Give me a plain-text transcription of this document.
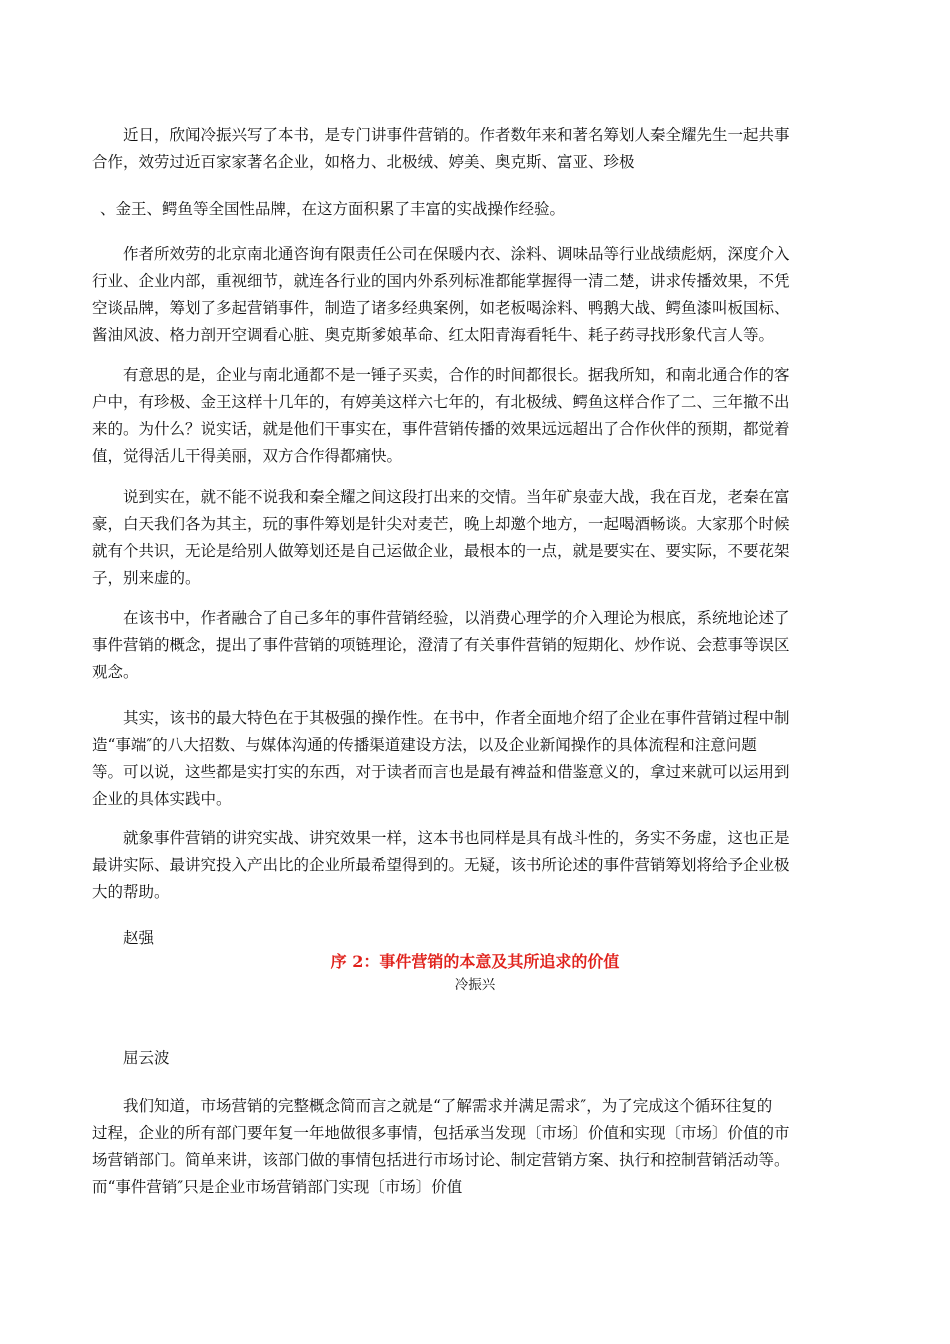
近日，欣闻冷振兴写了本书，是专门讲事件营销的。作者数年来和著名筹划人秦全耀先生一起共事
合作，效劳过近百家家著名企业，如格力、北极绒、婷美、奥克斯、富亚、珍极
、金王、鳄鱼等全国性品牌，在这方面积累了丰富的实战操作经验。
作者所效劳的北京南北通咨询有限责任公司在保暖内衣、涂料、调味品等行业战绩彪炳，深度介入
行业、企业内部，重视细节，就连各行业的国内外系列标准都能掌握得一清二楚，讲求传播效果，不凭
空谈品牌，筹划了多起营销事件，制造了诸多经典案例，如老板喝涂料、鸭鹅大战、鳄鱼漆叫板国标、
酱油风波、格力剖开空调看心脏、奥克斯爹娘革命、红太阳青海看牦牛、耗子药寻找形象代言人等。
有意思的是，企业与南北通都不是一锤子买卖，合作的时间都很长。据我所知，和南北通合作的客
户中，有珍极、金王这样十几年的，有婷美这样六七年的，有北极绒、鳄鱼这样合作了二、三年撤不出
来的。为什么？说实话，就是他们干事实在，事件营销传播的效果远远超出了合作伙伴的预期，都觉着
值，觉得活儿干得美丽，双方合作得都痛快。
说到实在，就不能不说我和秦全耀之间这段打出来的交情。当年矿泉壶大战，我在百龙，老秦在富
豪，白天我们各为其主，玩的事件筹划是针尖对麦芒，晚上却邀个地方，一起喝酒畅谈。大家那个时候
就有个共识，无论是给别人做筹划还是自己运做企业，最根本的一点，就是要实在、要实际，不要花架
子，别来虚的。
在该书中，作者融合了自己多年的事件营销经验，以消费心理学的介入理论为根底，系统地论述了
事件营销的概念，提出了事件营销的项链理论，澄清了有关事件营销的短期化、炒作说、会惹事等误区
观念。
其实，该书的最大特色在于其极强的操作性。在书中，作者全面地介绍了企业在事件营销过程中制
造“事端″的八大招数、与媒体沟通的传播渠道建设方法，以及企业新闻操作的具体流程和注意问题
等。可以说，这些都是实打实的东西，对于读者而言也是最有裨益和借鉴意义的，拿过来就可以运用到
企业的具体实践中。
就象事件营销的讲究实战、讲究效果一样，这本书也同样是具有战斗性的，务实不务虚，这也正是
最讲实际、最讲究投入产出比的企业所最希望得到的。无疑，该书所论述的事件营销筹划将给予企业极
大的帮助。

赵强

序 2：事件营销的本意及其所追求的价值

冷振兴

屈云波

我们知道，市场营销的完整概念简而言之就是“了解需求并满足需求″，为了完成这个循环往复的
过程，企业的所有部门要年复一年地做很多事情，包括承当发现〔市场〕价值和实现〔市场〕价值的市
场营销部门。简单来讲，该部门做的事情包括进行市场讨论、制定营销方案、执行和控制营销活动等。
而“事件营销″只是企业市场营销部门实现〔市场〕价值
